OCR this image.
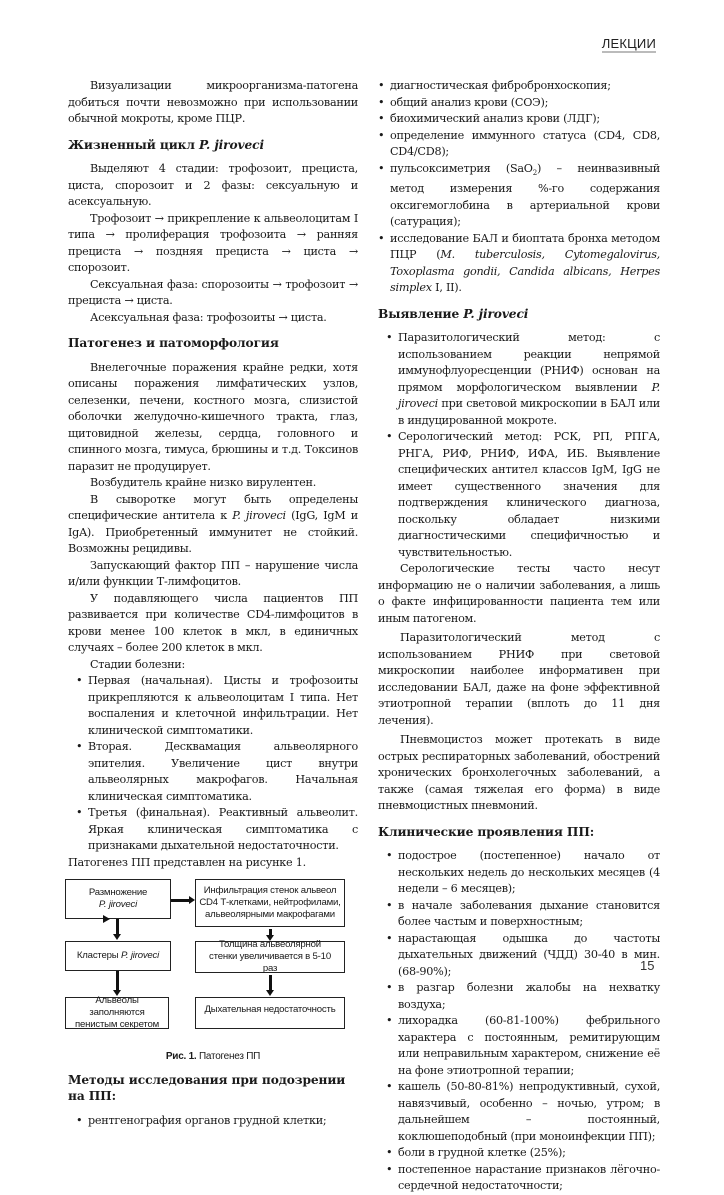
ЛЕКЦИИ

Визуализации микроорганизма-патогена добиться почти невозможно при использовании обычной мокроты, кроме ПЦР.

Жизненный цикл P. jiroveci

Выделяют 4 стадии: трофозоит, прециста, циста, спорозоит и 2 фазы: сексуальную и асексуальную.

Трофозоит → прикрепление к альвеолоцитам I типа → пролиферация трофозоита → ранняя прециста → поздняя прециста → циста → спорозоит.

Сексуальная фаза: спорозоиты → трофозоит → прециста → циста.

Асексуальная фаза: трофозоиты → циста.

Патогенез и патоморфология

Внелегочные поражения крайне редки, хотя описаны поражения лимфатических узлов, селезенки, печени, костного мозга, слизистой оболочки желудочно-кишечного тракта, глаз, щитовидной железы, сердца, головного и спинного мозга, тимуса, брюшины и т.д. Токсинов паразит не продуцирует.

Возбудитель крайне низко вирулентен.

В сыворотке могут быть определены специфические антитела к P. jiroveci (IgG, IgM и IgA). Приобретенный иммунитет не стойкий. Возможны рецидивы.

Запускающий фактор ПП – нарушение числа и/или функции Т-лимфоцитов.

У подавляющего числа пациентов ПП развивается при количестве CD4-лимфоцитов в крови менее 100 клеток в мкл, в единичных случаях – более 200 клеток в мкл.

Стадии болезни:

• Первая (начальная). Цисты и трофозоиты прикрепляются к альвеолоцитам I типа. Нет воспаления и клеточной инфильтрации. Нет клинической симптоматики.
• Вторая. Десквамация альвеолярного эпителия. Увеличение цист внутри альвеолярных макрофагов. Начальная клиническая симптоматика.
• Третья (финальная). Реактивный альвеолит. Яркая клиническая симптоматика с признаками дыхательной недостаточности.

Патогенез ПП представлен на рисунке 1.

Размножение
P. jiroveci
Кластеры P. jiroveci
Альвеолы заполняются пенистым секретом
Инфильтрация стенок альвеол CD4 Т-клетками, нейтрофилами, альвеолярными макрофагами
Толщина альвеолярной стенки увеличивается в 5-10 раз
Дыхательная недостаточность
Рис. 1. Патогенез ПП
Методы исследования при подозрении на ПП:
• рентгенография органов грудной клетки;
• диагностическая фибробронхоскопия;
• общий анализ крови (СОЭ);
• биохимический анализ крови (ЛДГ);
• определение иммунного статуса (CD4, CD8, CD4/CD8);
• пульсоксиметрия (SaO$_2$) – неинвазивный метод измерения %-го содержания оксигемоглобина в артериальной крови (сатурация);
• исследование БАЛ и биоптата бронха методом ПЦР (M. tuberculosis, Cytomegalovirus, Toxoplasma gondii, Candida albicans, Herpes simplex I, II).
Выявление P. jiroveci
• Паразитологический метод: с использованием реакции непрямой иммунофлуоресценции (РНИФ) основан на прямом морфологическом выявлении P. jiroveci при световой микроскопии в БАЛ или в индуцированной мокроте.
• Серологический метод: РСК, РП, РПГА, РНГА, РИФ, РНИФ, ИФА, ИБ. Выявление специфических антител классов IgM, IgG не имеет существенного значения для подтверждения клинического диагноза, поскольку обладает низкими диагностическими специфичностью и чувствительностью.

Серологические тесты часто несут информацию не о наличии заболевания, а лишь о факте инфицированности пациента тем или иным патогеном.

Паразитологический метод с использованием РНИФ при световой микроскопии наиболее информативен при исследовании БАЛ, даже на фоне эффективной этиотропной терапии (вплоть до 11 дня лечения).

Пневмоцистоз может протекать в виде острых респираторных заболеваний, обострений хронических бронхолегочных заболеваний, а также (самая тяжелая его форма) в виде пневмоцистных пневмоний.

Клинические проявления ПП:
• подострое (постепенное) начало от нескольких недель до нескольких месяцев (4 недели – 6 месяцев);
• в начале заболевания дыхание становится более частым и поверхностным;
• нарастающая одышка до частоты дыхательных движений (ЧДД) 30-40 в мин. (68-90%);
• в разгар болезни жалобы на нехватку воздуха;
• лихорадка (60-81-100%) фебрильного характера с постоянным, ремитирующим или неправильным характером, снижение её на фоне этиотропной терапии;
• кашель (50-80-81%) непродуктивный, сухой, навязчивый, особенно – ночью, утром; в дальнейшем – постоянный, коклюшеподобный (при моноинфекции ПП);
• боли в грудной клетке (25%);
• постепенное нарастание признаков лёгочно-сердечной недостаточности;
15
